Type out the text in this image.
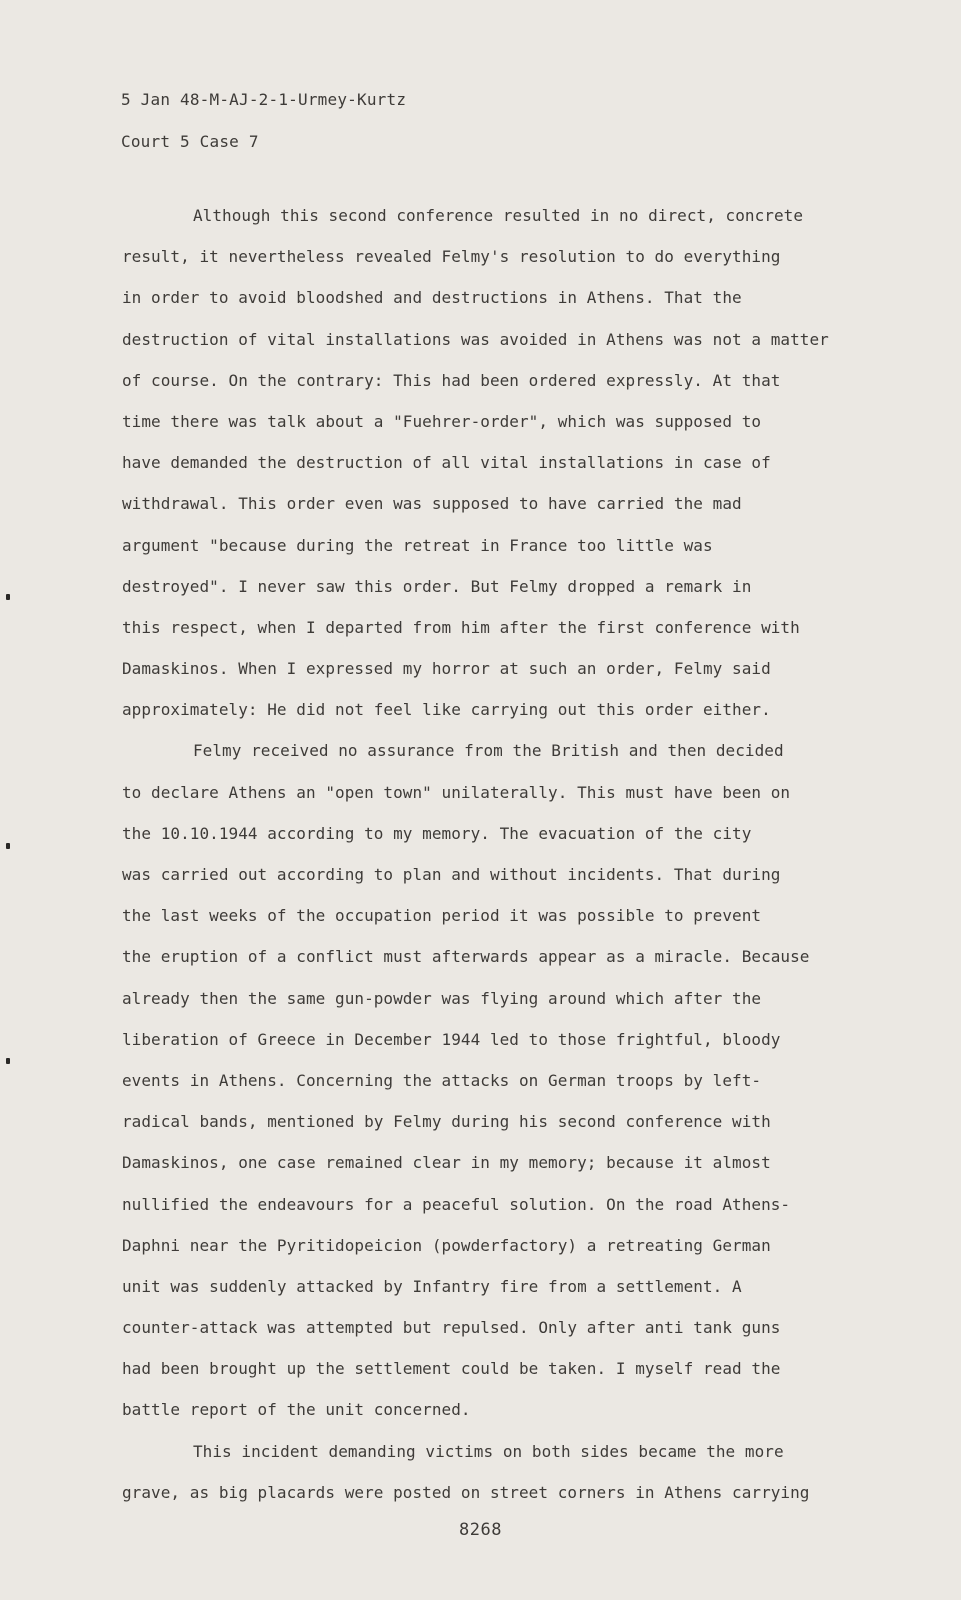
5 Jan 48-M-AJ-2-1-Urmey-Kurtz
Court 5 Case 7
Although this second conference resulted in no direct, concrete
result, it nevertheless revealed Felmy's resolution to do everything
in order to avoid bloodshed and destructions in Athens. That the
destruction of vital installations was avoided in Athens was not a matter
of course. On the contrary: This had been ordered expressly. At that
time there was talk about a "Fuehrer-order", which was supposed to
have demanded the destruction of all vital installations in case of
withdrawal. This order even was supposed to have carried the mad
argument "because during the retreat in France too little was
destroyed". I never saw this order. But Felmy dropped a remark in
this respect, when I departed from him after the first conference with
Damaskinos. When I expressed my horror at such an order, Felmy said
approximately: He did not feel like carrying out this order either.
Felmy received no assurance from the British and then decided
to declare Athens an "open town" unilaterally. This must have been on
the 10.10.1944 according to my memory. The evacuation of the city
was carried out according to plan and without incidents. That during
the last weeks of the occupation period it was possible to prevent
the eruption of a conflict must afterwards appear as a miracle. Because
already then the same gun-powder was flying around which after the
liberation of Greece in December 1944 led to those frightful, bloody
events in Athens. Concerning the attacks on German troops by left-
radical bands, mentioned by Felmy during his second conference with
Damaskinos, one case remained clear in my memory; because it almost
nullified the endeavours for a peaceful solution. On the road Athens-
Daphni near the Pyritidopeicion (powderfactory) a retreating German
unit was suddenly attacked by Infantry fire from a settlement. A
counter-attack was attempted but repulsed. Only after anti tank guns
had been brought up the settlement could be taken. I myself read the
battle report of the unit concerned.
This incident demanding victims on both sides became the more
grave, as big placards were posted on street corners in Athens carrying
8268
